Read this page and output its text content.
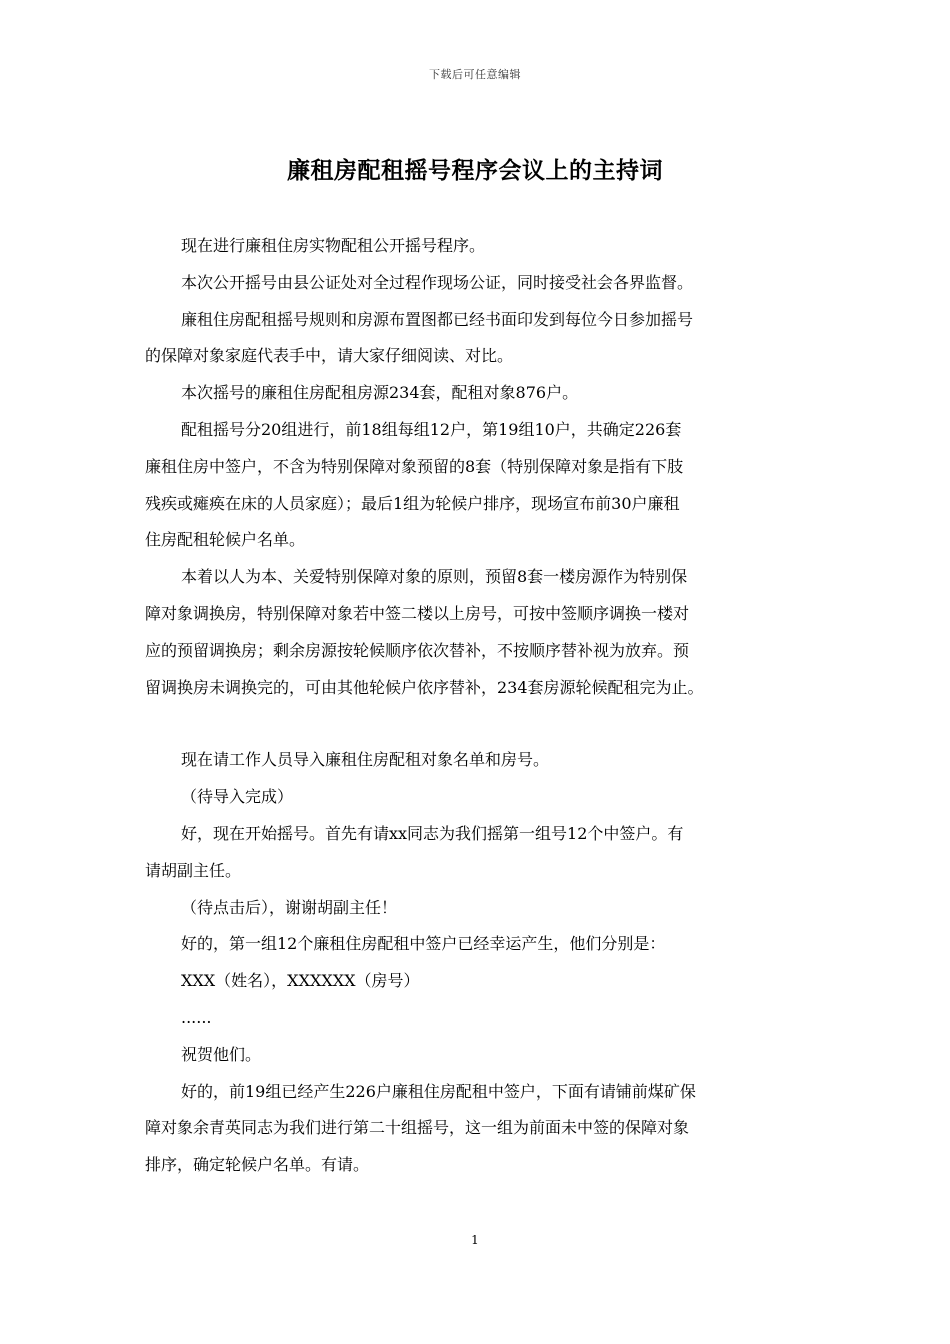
下载后可任意编辑
廉租房配租摇号程序会议上的主持词

现在进行廉租住房实物配租公开摇号程序。

本次公开摇号由县公证处对全过程作现场公证，同时接受社会各界监督。

廉租住房配租摇号规则和房源布置图都已经书面印发到每位今日参加摇号

的保障对象家庭代表手中，请大家仔细阅读、对比。

本次摇号的廉租住房配租房源234套，配租对象876户。

配租摇号分20组进行，前18组每组12户，第19组10户，共确定226套

廉租住房中签户，不含为特别保障对象预留的8套（特别保障对象是指有下肢

残疾或瘫痪在床的人员家庭）；最后1组为轮候户排序，现场宣布前30户廉租

住房配租轮候户名单。

本着以人为本、关爱特别保障对象的原则，预留8套一楼房源作为特别保

障对象调换房，特别保障对象若中签二楼以上房号，可按中签顺序调换一楼对

应的预留调换房；剩余房源按轮候顺序依次替补，不按顺序替补视为放弃。预

留调换房未调换完的，可由其他轮候户依序替补，234套房源轮候配租完为止。

现在请工作人员导入廉租住房配租对象名单和房号。

（待导入完成）

好，现在开始摇号。首先有请xx同志为我们摇第一组号12个中签户。有

请胡副主任。

（待点击后），谢谢胡副主任！

好的，第一组12个廉租住房配租中签户已经幸运产生，他们分别是：

XXX（姓名），XXXXXX（房号）

......

祝贺他们。

好的，前19组已经产生226户廉租住房配租中签户，下面有请铺前煤矿保

障对象余青英同志为我们进行第二十组摇号，这一组为前面未中签的保障对象

排序，确定轮候户名单。有请。

1
